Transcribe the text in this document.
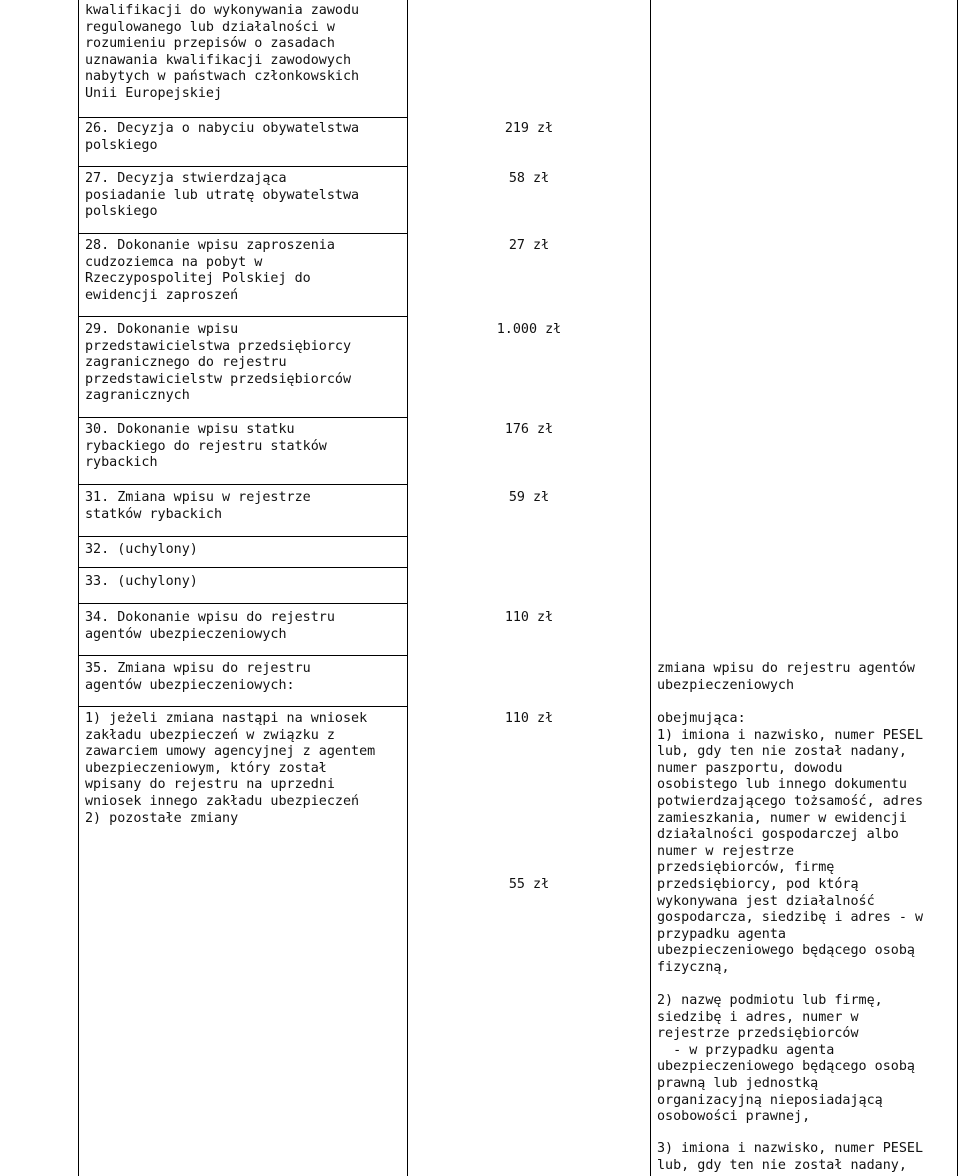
kwalifikacji do wykonywania zawodu
regulowanego lub działalności w
rozumieniu przepisów o zasadach
uznawania kwalifikacji zawodowych
nabytych w państwach członkowskich
Unii Europejskiej
26. Decyzja o nabyciu obywatelstwa
polskiego
219 zł
27. Decyzja stwierdzająca
posiadanie lub utratę obywatelstwa
polskiego
58 zł
28. Dokonanie wpisu zaproszenia
cudzoziemca na pobyt w
Rzeczypospolitej Polskiej do
ewidencji zaproszeń
27 zł
29. Dokonanie wpisu
przedstawicielstwa przedsiębiorcy
zagranicznego do rejestru
przedstawicielstw przedsiębiorców
zagranicznych
1.000 zł
30. Dokonanie wpisu statku
rybackiego do rejestru statków
rybackich
176 zł
31. Zmiana wpisu w rejestrze
statków rybackich
59 zł
32. (uchylony)
33. (uchylony)
34. Dokonanie wpisu do rejestru
agentów ubezpieczeniowych
110 zł
35. Zmiana wpisu do rejestru
agentów ubezpieczeniowych:
1) jeżeli zmiana nastąpi na wniosek
zakładu ubezpieczeń w związku z
zawarciem umowy agencyjnej z agentem
ubezpieczeniowym, który został
wpisany do rejestru na uprzedni
wniosek innego zakładu ubezpieczeń
2) pozostałe zmiany
110 zł
55 zł
zmiana wpisu do rejestru agentów
ubezpieczeniowych
obejmująca:
1) imiona i nazwisko, numer PESEL
lub, gdy ten nie został nadany,
numer paszportu, dowodu
osobistego lub innego dokumentu
potwierdzającego tożsamość, adres
zamieszkania, numer w ewidencji
działalności gospodarczej albo
numer w rejestrze
przedsiębiorców, firmę
przedsiębiorcy, pod którą
wykonywana jest działalność
gospodarcza, siedzibę i adres - w
przypadku agenta
ubezpieczeniowego będącego osobą
fizyczną,
2) nazwę podmiotu lub firmę,
siedzibę i adres, numer w
rejestrze przedsiębiorców
- w przypadku agenta
ubezpieczeniowego będącego osobą
prawną lub jednostką
organizacyjną nieposiadającą
osobowości prawnej,
3) imiona i nazwisko, numer PESEL
lub, gdy ten nie został nadany,
